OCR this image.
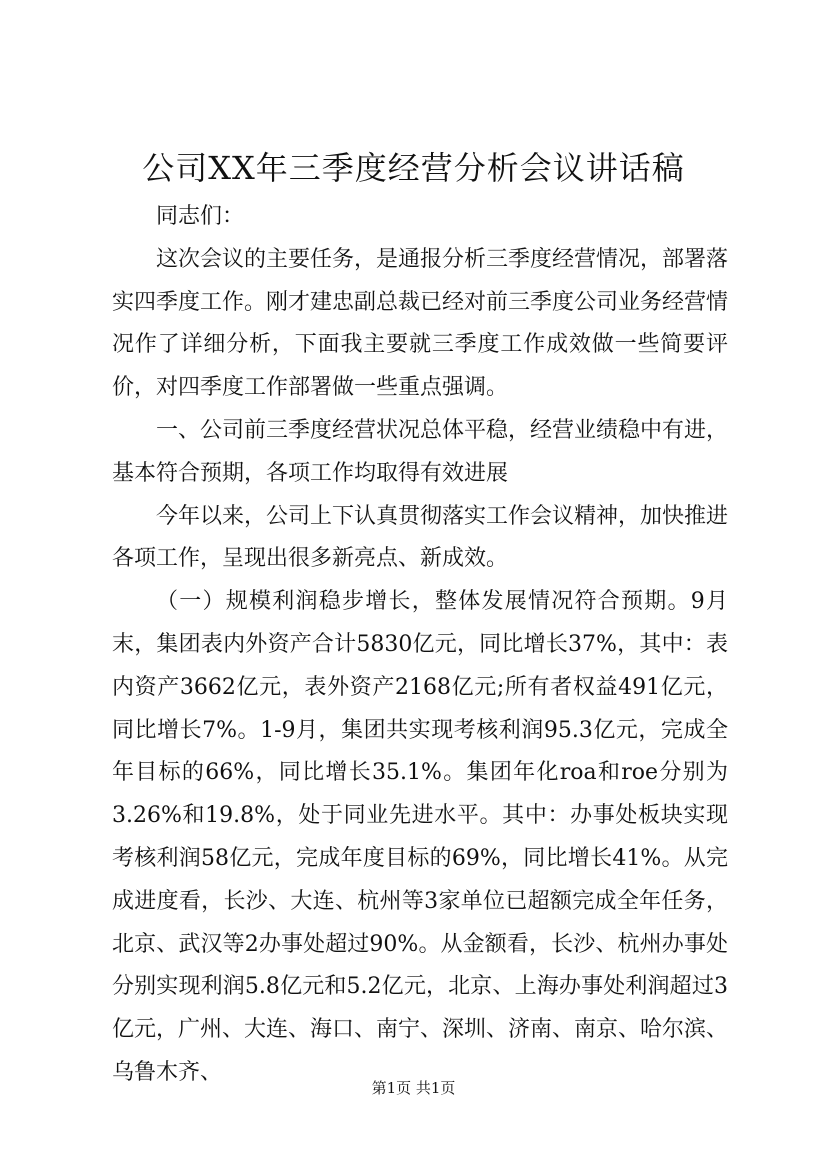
公司XX年三季度经营分析会议讲话稿

同志们：

这次会议的主要任务，是通报分析三季度经营情况，部署落实四季度工作。刚才建忠副总裁已经对前三季度公司业务经营情况作了详细分析，下面我主要就三季度工作成效做一些简要评价，对四季度工作部署做一些重点强调。

一、公司前三季度经营状况总体平稳，经营业绩稳中有进，基本符合预期，各项工作均取得有效进展

今年以来，公司上下认真贯彻落实工作会议精神，加快推进各项工作，呈现出很多新亮点、新成效。

（一）规模利润稳步增长，整体发展情况符合预期。9月末，集团表内外资产合计5830亿元，同比增长37%，其中：表内资产3662亿元，表外资产2168亿元;所有者权益491亿元，同比增长7%。1-9月，集团共实现考核利润95.3亿元，完成全年目标的66%，同比增长35.1%。集团年化roa和roe分别为3.26%和19.8%，处于同业先进水平。其中：办事处板块实现考核利润58亿元，完成年度目标的69%，同比增长41%。从完成进度看，长沙、大连、杭州等3家单位已超额完成全年任务，北京、武汉等2办事处超过90%。从金额看，长沙、杭州办事处分别实现利润5.8亿元和5.2亿元，北京、上海办事处利润超过3亿元，广州、大连、海口、南宁、深圳、济南、南京、哈尔滨、乌鲁木齐、

第1页 共1页
